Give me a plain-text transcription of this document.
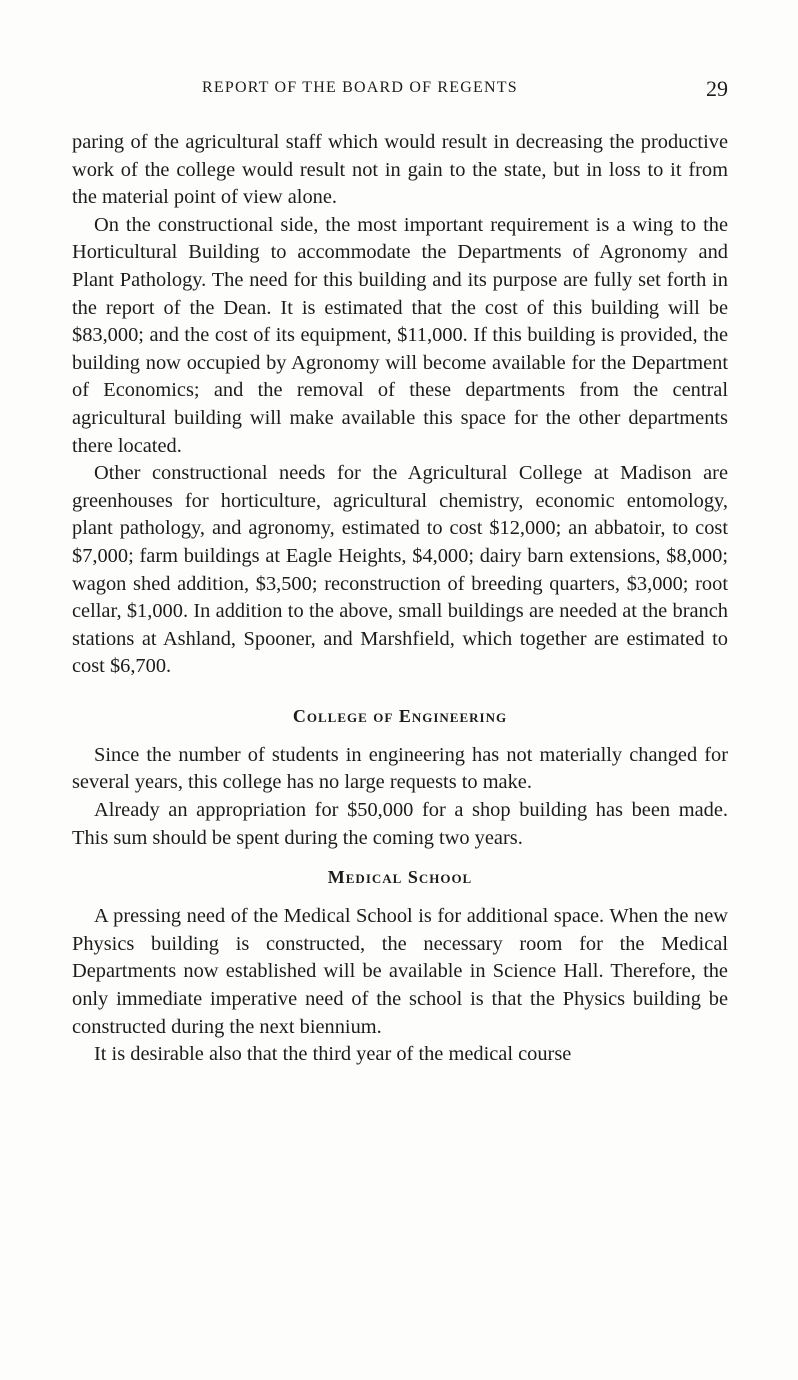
REPORT OF THE BOARD OF REGENTS	29

paring of the agricultural staff which would result in decreasing the productive work of the college would result not in gain to the state, but in loss to it from the material point of view alone.

On the constructional side, the most important requirement is a wing to the Horticultural Building to accommodate the Departments of Agronomy and Plant Pathology. The need for this building and its purpose are fully set forth in the report of the Dean. It is estimated that the cost of this building will be $83,000; and the cost of its equipment, $11,000. If this building is provided, the building now occupied by Agronomy will become available for the Department of Economics; and the removal of these departments from the central agricultural building will make available this space for the other departments there located.

Other constructional needs for the Agricultural College at Madison are greenhouses for horticulture, agricultural chemistry, economic entomology, plant pathology, and agronomy, estimated to cost $12,000; an abbatoir, to cost $7,000; farm buildings at Eagle Heights, $4,000; dairy barn extensions, $8,000; wagon shed addition, $3,500; reconstruction of breeding quarters, $3,000; root cellar, $1,000. In addition to the above, small buildings are needed at the branch stations at Ashland, Spooner, and Marshfield, which together are estimated to cost $6,700.

College of Engineering

Since the number of students in engineering has not materially changed for several years, this college has no large requests to make.

Already an appropriation for $50,000 for a shop building has been made. This sum should be spent during the coming two years.

Medical School

A pressing need of the Medical School is for additional space. When the new Physics building is constructed, the necessary room for the Medical Departments now established will be available in Science Hall. Therefore, the only immediate imperative need of the school is that the Physics building be constructed during the next biennium.

It is desirable also that the third year of the medical course
